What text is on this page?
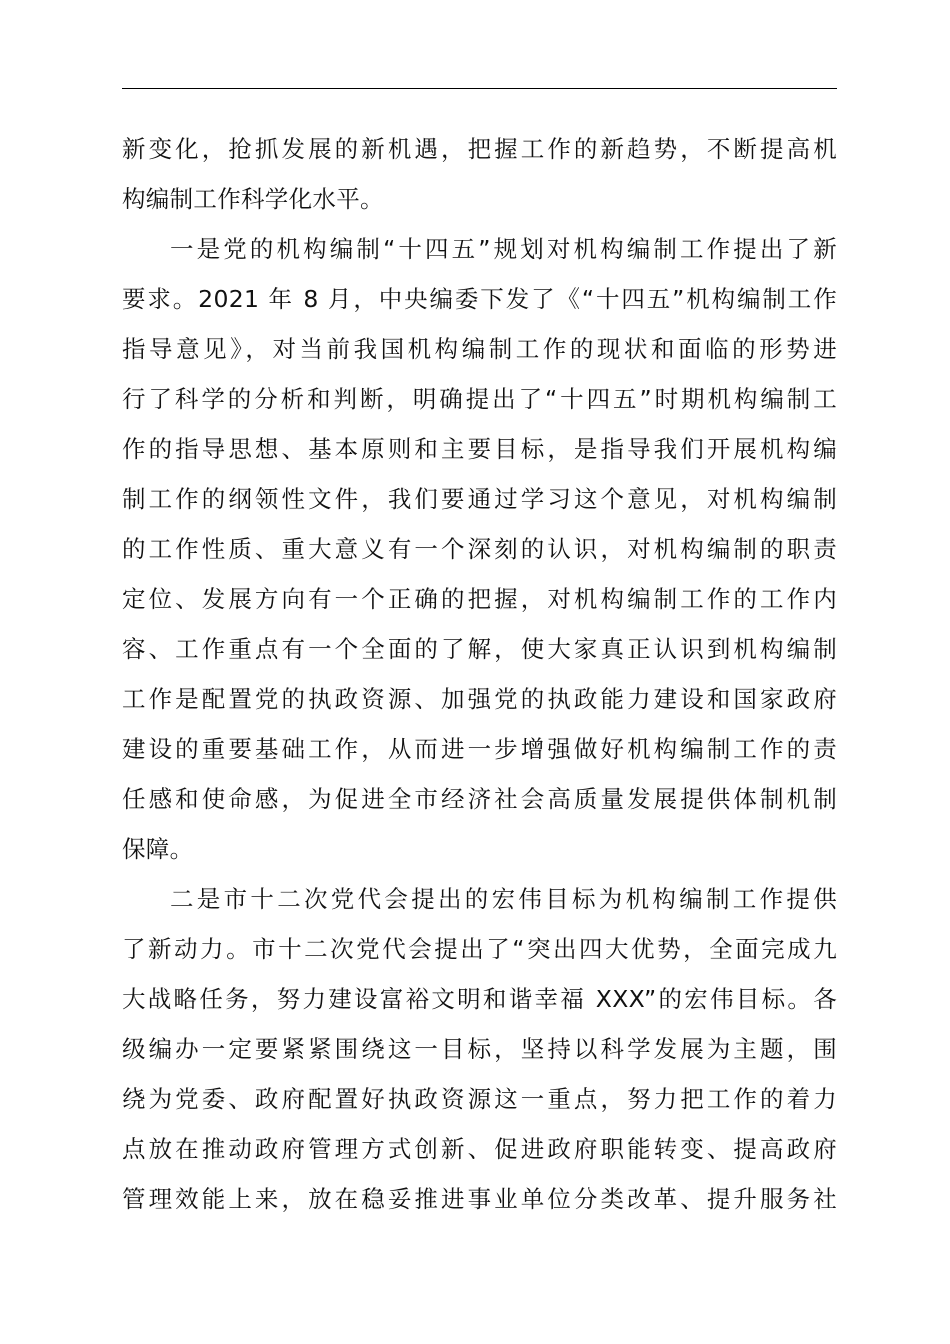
新变化，抢抓发展的新机遇，把握工作的新趋势，不断提高机
构编制工作科学化水平。
一是党的机构编制“十四五”规划对机构编制工作提出了新
要求。2021 年 8 月，中央编委下发了《“十四五”机构编制工作
指导意见》，对当前我国机构编制工作的现状和面临的形势进
行了科学的分析和判断，明确提出了“十四五”时期机构编制工
作的指导思想、基本原则和主要目标，是指导我们开展机构编
制工作的纲领性文件，我们要通过学习这个意见，对机构编制
的工作性质、重大意义有一个深刻的认识，对机构编制的职责
定位、发展方向有一个正确的把握，对机构编制工作的工作内
容、工作重点有一个全面的了解，使大家真正认识到机构编制
工作是配置党的执政资源、加强党的执政能力建设和国家政府
建设的重要基础工作，从而进一步增强做好机构编制工作的责
任感和使命感，为促进全市经济社会高质量发展提供体制机制
保障。
二是市十二次党代会提出的宏伟目标为机构编制工作提供
了新动力。市十二次党代会提出了“突出四大优势，全面完成九
大战略任务，努力建设富裕文明和谐幸福 XXX”的宏伟目标。各
级编办一定要紧紧围绕这一目标，坚持以科学发展为主题，围
绕为党委、政府配置好执政资源这一重点，努力把工作的着力
点放在推动政府管理方式创新、促进政府职能转变、提高政府
管理效能上来，放在稳妥推进事业单位分类改革、提升服务社
